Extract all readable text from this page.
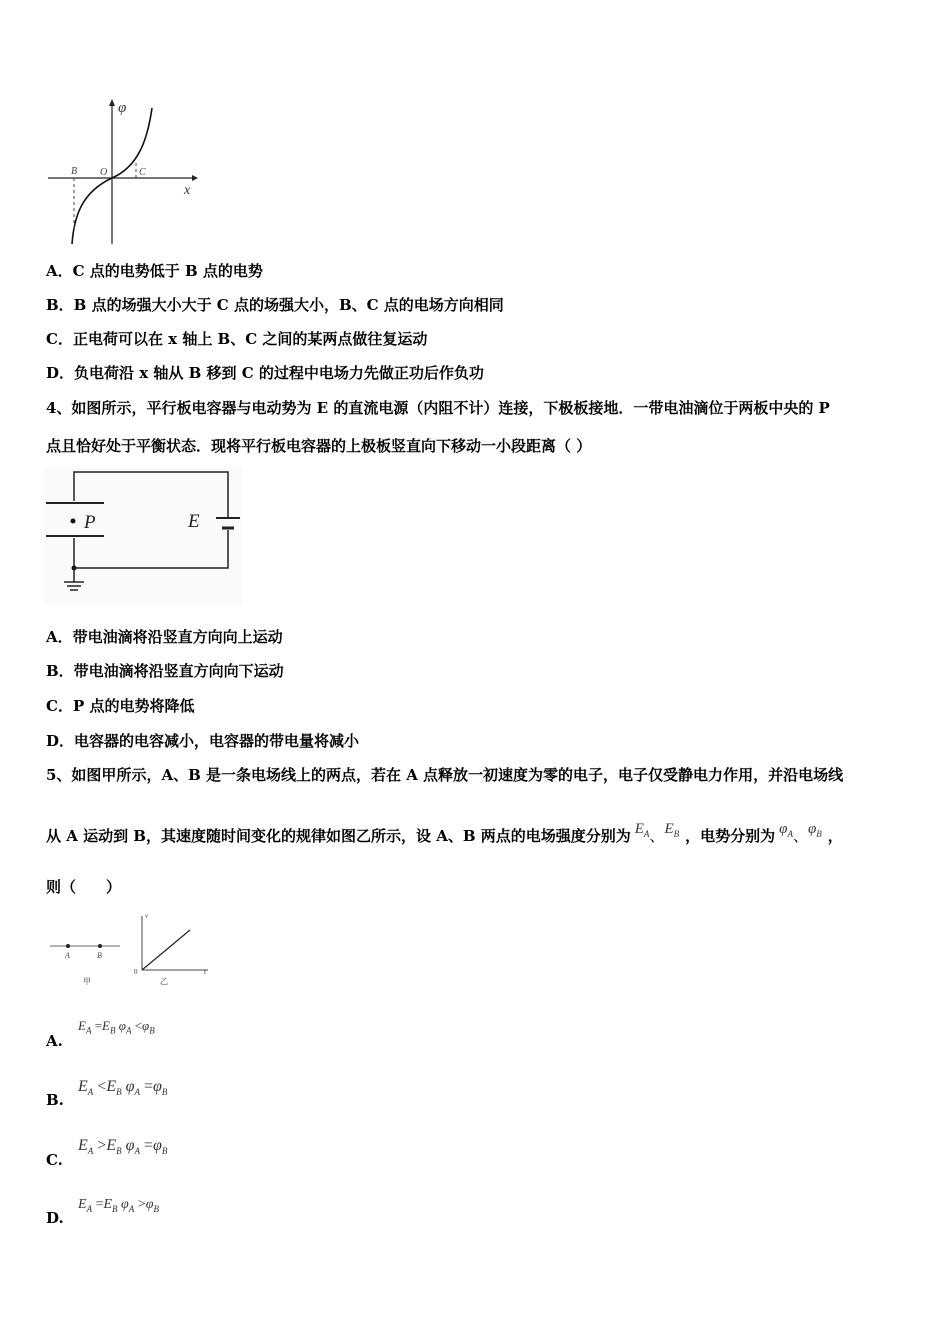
φ
x
B O	C
A．C 点的电势低于 B 点的电势
B．B 点的场强大小大于 C 点的场强大小，B、C 点的电场方向相同
C．正电荷可以在 x 轴上 B、C 之间的某两点做往复运动
D．负电荷沿 x 轴从 B 移到 C 的过程中电场力先做正功后作负功
4、如图所示，平行板电容器与电动势为 E 的直流电源（内阻不计）连接，下极板接地．一带电油滴位于两板中央的 P
点且恰好处于平衡状态．现将平行板电容器的上极板竖直向下移动一小段距离（ ）
P	E
A．带电油滴将沿竖直方向向上运动
B．带电油滴将沿竖直方向向下运动
C．P 点的电势将降低
D．电容器的电容减小，电容器的带电量将减小
5、如图甲所示，A、B 是一条电场线上的两点，若在 A 点释放一初速度为零的电子，电子仅受静电力作用，并沿电场线
从 A 运动到 B，其速度随时间变化的规律如图乙所示，设 A、B 两点的电场强度分别为 $E_A$、$E_B$ ，电势分别为 $\varphi_A$、$\varphi_B$ ，
则（　　）
A	B
甲
v
0	t
乙
A.
$E_A =E_B$ $\varphi_A <\varphi_B$
B.
$E_A <E_B$ $\varphi_A =\varphi_B$
C.
$E_A >E_B$ $\varphi_A =\varphi_B$
D.
$E_A =E_B$ $\varphi_A >\varphi_B$
